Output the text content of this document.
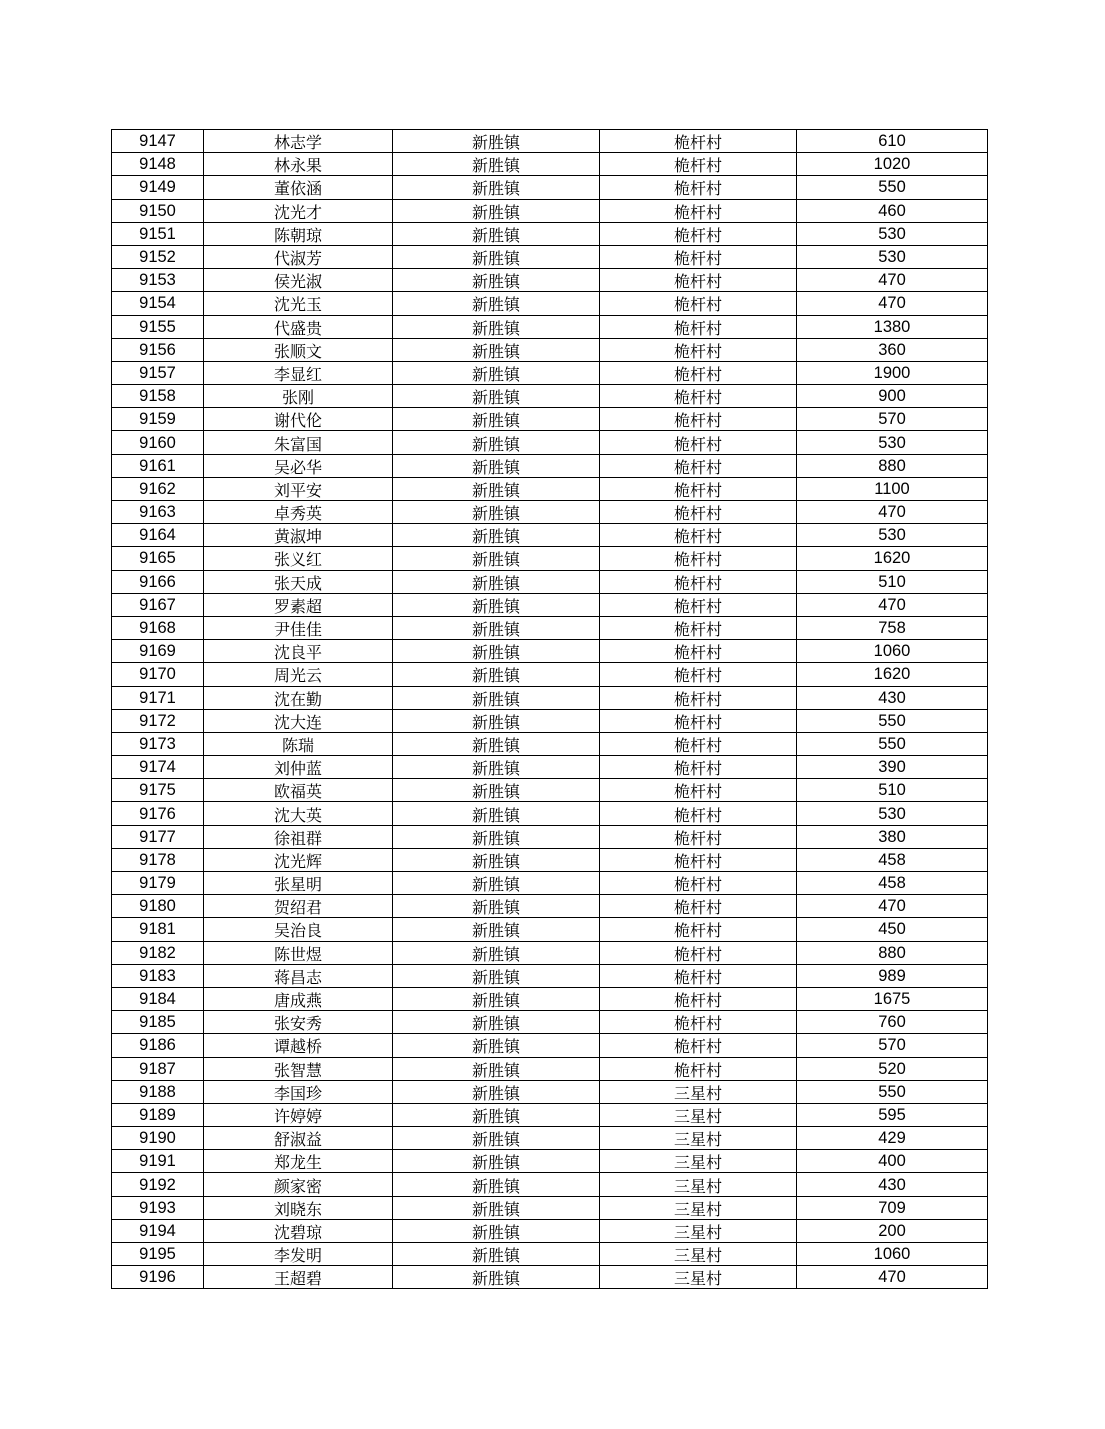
9147	林志学	新胜镇	桅杆村	610
9148	林永果	新胜镇	桅杆村	1020
9149	董依涵	新胜镇	桅杆村	550
9150	沈光才	新胜镇	桅杆村	460
9151	陈朝琼	新胜镇	桅杆村	530
9152	代淑芳	新胜镇	桅杆村	530
9153	侯光淑	新胜镇	桅杆村	470
9154	沈光玉	新胜镇	桅杆村	470
9155	代盛贵	新胜镇	桅杆村	1380
9156	张顺文	新胜镇	桅杆村	360
9157	李显红	新胜镇	桅杆村	1900
9158	张刚	新胜镇	桅杆村	900
9159	谢代伦	新胜镇	桅杆村	570
9160	朱富国	新胜镇	桅杆村	530
9161	吴必华	新胜镇	桅杆村	880
9162	刘平安	新胜镇	桅杆村	1100
9163	卓秀英	新胜镇	桅杆村	470
9164	黄淑坤	新胜镇	桅杆村	530
9165	张义红	新胜镇	桅杆村	1620
9166	张天成	新胜镇	桅杆村	510
9167	罗素超	新胜镇	桅杆村	470
9168	尹佳佳	新胜镇	桅杆村	758
9169	沈良平	新胜镇	桅杆村	1060
9170	周光云	新胜镇	桅杆村	1620
9171	沈在勤	新胜镇	桅杆村	430
9172	沈大连	新胜镇	桅杆村	550
9173	陈瑞	新胜镇	桅杆村	550
9174	刘仲蓝	新胜镇	桅杆村	390
9175	欧福英	新胜镇	桅杆村	510
9176	沈大英	新胜镇	桅杆村	530
9177	徐祖群	新胜镇	桅杆村	380
9178	沈光辉	新胜镇	桅杆村	458
9179	张星明	新胜镇	桅杆村	458
9180	贺绍君	新胜镇	桅杆村	470
9181	吴治良	新胜镇	桅杆村	450
9182	陈世煜	新胜镇	桅杆村	880
9183	蒋昌志	新胜镇	桅杆村	989
9184	唐成燕	新胜镇	桅杆村	1675
9185	张安秀	新胜镇	桅杆村	760
9186	谭越桥	新胜镇	桅杆村	570
9187	张智慧	新胜镇	桅杆村	520
9188	李国珍	新胜镇	三星村	550
9189	许婷婷	新胜镇	三星村	595
9190	舒淑益	新胜镇	三星村	429
9191	郑龙生	新胜镇	三星村	400
9192	颜家密	新胜镇	三星村	430
9193	刘晓东	新胜镇	三星村	709
9194	沈碧琼	新胜镇	三星村	200
9195	李发明	新胜镇	三星村	1060
9196	王超碧	新胜镇	三星村	470
